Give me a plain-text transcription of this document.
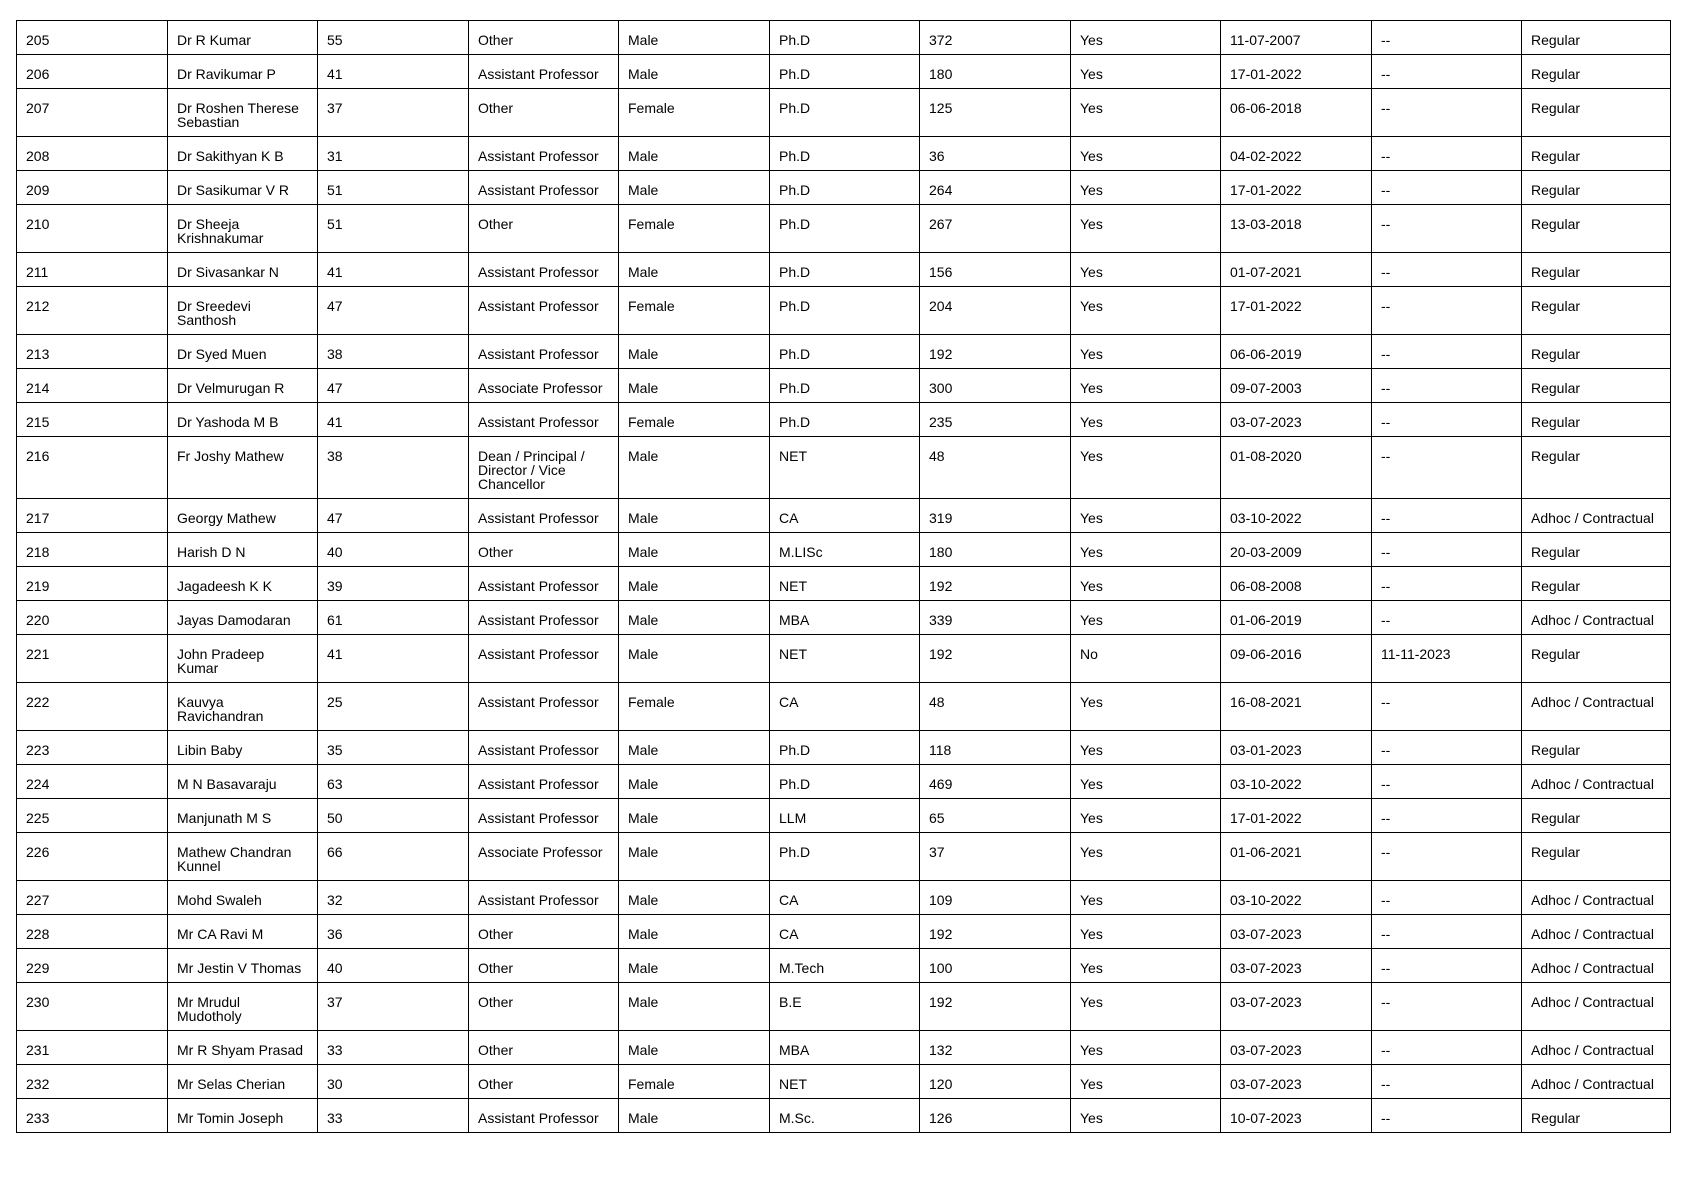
205	Dr R Kumar	55	Other	Male	Ph.D	372	Yes	11-07-2007	--	Regular
206	Dr Ravikumar P	41	Assistant Professor	Male	Ph.D	180	Yes	17-01-2022	--	Regular
207	Dr Roshen Therese Sebastian	37	Other	Female	Ph.D	125	Yes	06-06-2018	--	Regular
208	Dr Sakithyan K B	31	Assistant Professor	Male	Ph.D	36	Yes	04-02-2022	--	Regular
209	Dr Sasikumar V R	51	Assistant Professor	Male	Ph.D	264	Yes	17-01-2022	--	Regular
210	Dr Sheeja Krishnakumar	51	Other	Female	Ph.D	267	Yes	13-03-2018	--	Regular
211	Dr Sivasankar N	41	Assistant Professor	Male	Ph.D	156	Yes	01-07-2021	--	Regular
212	Dr Sreedevi Santhosh	47	Assistant Professor	Female	Ph.D	204	Yes	17-01-2022	--	Regular
213	Dr Syed Muen	38	Assistant Professor	Male	Ph.D	192	Yes	06-06-2019	--	Regular
214	Dr Velmurugan R	47	Associate Professor	Male	Ph.D	300	Yes	09-07-2003	--	Regular
215	Dr Yashoda M B	41	Assistant Professor	Female	Ph.D	235	Yes	03-07-2023	--	Regular
216	Fr Joshy Mathew	38	Dean / Principal / Director / Vice Chancellor	Male	NET	48	Yes	01-08-2020	--	Regular
217	Georgy Mathew	47	Assistant Professor	Male	CA	319	Yes	03-10-2022	--	Adhoc / Contractual
218	Harish D N	40	Other	Male	M.LISc	180	Yes	20-03-2009	--	Regular
219	Jagadeesh K K	39	Assistant Professor	Male	NET	192	Yes	06-08-2008	--	Regular
220	Jayas Damodaran	61	Assistant Professor	Male	MBA	339	Yes	01-06-2019	--	Adhoc / Contractual
221	John Pradeep Kumar	41	Assistant Professor	Male	NET	192	No	09-06-2016	11-11-2023	Regular
222	Kauvya Ravichandran	25	Assistant Professor	Female	CA	48	Yes	16-08-2021	--	Adhoc / Contractual
223	Libin Baby	35	Assistant Professor	Male	Ph.D	118	Yes	03-01-2023	--	Regular
224	M N Basavaraju	63	Assistant Professor	Male	Ph.D	469	Yes	03-10-2022	--	Adhoc / Contractual
225	Manjunath M S	50	Assistant Professor	Male	LLM	65	Yes	17-01-2022	--	Regular
226	Mathew Chandran Kunnel	66	Associate Professor	Male	Ph.D	37	Yes	01-06-2021	--	Regular
227	Mohd Swaleh	32	Assistant Professor	Male	CA	109	Yes	03-10-2022	--	Adhoc / Contractual
228	Mr CA Ravi M	36	Other	Male	CA	192	Yes	03-07-2023	--	Adhoc / Contractual
229	Mr Jestin V Thomas	40	Other	Male	M.Tech	100	Yes	03-07-2023	--	Adhoc / Contractual
230	Mr Mrudul Mudotholy	37	Other	Male	B.E	192	Yes	03-07-2023	--	Adhoc / Contractual
231	Mr R Shyam Prasad	33	Other	Male	MBA	132	Yes	03-07-2023	--	Adhoc / Contractual
232	Mr Selas Cherian	30	Other	Female	NET	120	Yes	03-07-2023	--	Adhoc / Contractual
233	Mr Tomin Joseph	33	Assistant Professor	Male	M.Sc.	126	Yes	10-07-2023	--	Regular
